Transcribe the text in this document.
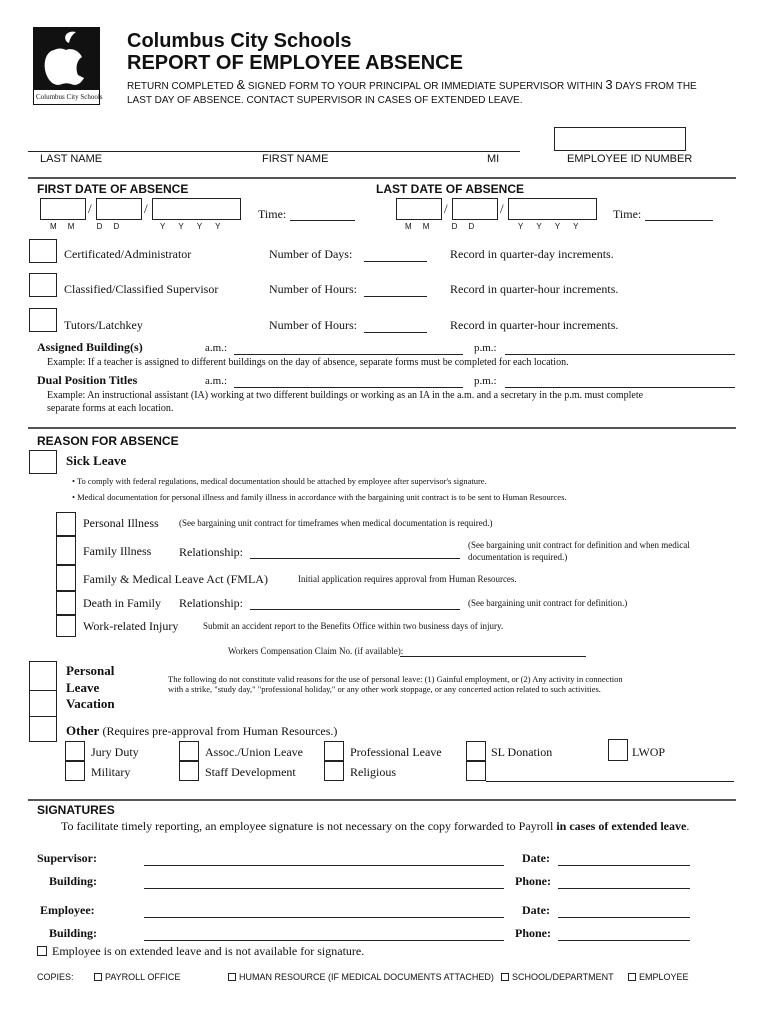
Columbus City Schools
Columbus City Schools
REPORT OF EMPLOYEE ABSENCE
RETURN COMPLETED & SIGNED FORM TO YOUR PRINCIPAL OR IMMEDIATE SUPERVISOR WITHIN 3 DAYS FROM THE
LAST DAY OF ABSENCE. CONTACT SUPERVISOR IN CASES OF EXTENDED LEAVE.
LAST NAME	FIRST NAME	MI	EMPLOYEE ID NUMBER
FIRST DATE OF ABSENCE	LAST DATE OF ABSENCE
/	/	Time:
M     M          D     D	Y      Y      Y      Y
/	/	Time:
M     M          D     D	Y      Y      Y      Y
Certificated/Administrator	Number of Days:	Record in quarter-day increments.
Classified/Classified Supervisor	Number of Hours:	Record in quarter-hour increments.
Tutors/Latchkey	Number of Hours:	Record in quarter-hour increments.
Assigned Building(s)	a.m.:	p.m.:
Example: If a teacher is assigned to different buildings on the day of absence, separate forms must be completed for each location.
Dual Position Titles	a.m.:	p.m.:
Example: An instructional assistant (IA) working at two different buildings or working as an IA in the a.m. and a secretary in the p.m. must complete
separate forms at each location.
REASON FOR ABSENCE
Sick Leave
• To comply with federal regulations, medical documentation should be attached by employee after supervisor's signature.
• Medical documentation for personal illness and family illness in accordance with the bargaining unit contract is to be sent to Human Resources.
Personal Illness (See bargaining unit contract for timeframes when medical documentation is required.)
Family Illness Relationship:	(See bargaining unit contract for definition and when medical
documentation is required.)
Family & Medical Leave Act (FMLA)	Initial application requires approval from Human Resources.
Death in Family Relationship:	(See bargaining unit contract for definition.)
Work-related Injury	Submit an accident report to the Benefits Office within two business days of injury.
Workers Compensation Claim No. (if available):
Personal
Leave
Vacation
The following do not constitute valid reasons for the use of personal leave: (1) Gainful employment, or (2) Any activity in connection
with a strike, "study day," "professional holiday," or any other work stoppage, or any concerted action related to such activities.
Other (Requires pre-approval from Human Resources.)
Jury Duty
Military
Assoc./Union Leave
Staff Development
Professional Leave
Religious
SL Donation	LWOP
SIGNATURES
To facilitate timely reporting, an employee signature is not necessary on the copy forwarded to Payroll in cases of extended leave.
Supervisor:	Date:
Building:	Phone:
Employee:	Date:
Building:	Phone:
Employee is on extended leave and is not available for signature.
COPIES:	PAYROLL OFFICE	HUMAN RESOURCE (IF MEDICAL DOCUMENTS ATTACHED)	SCHOOL/DEPARTMENT	EMPLOYEE
